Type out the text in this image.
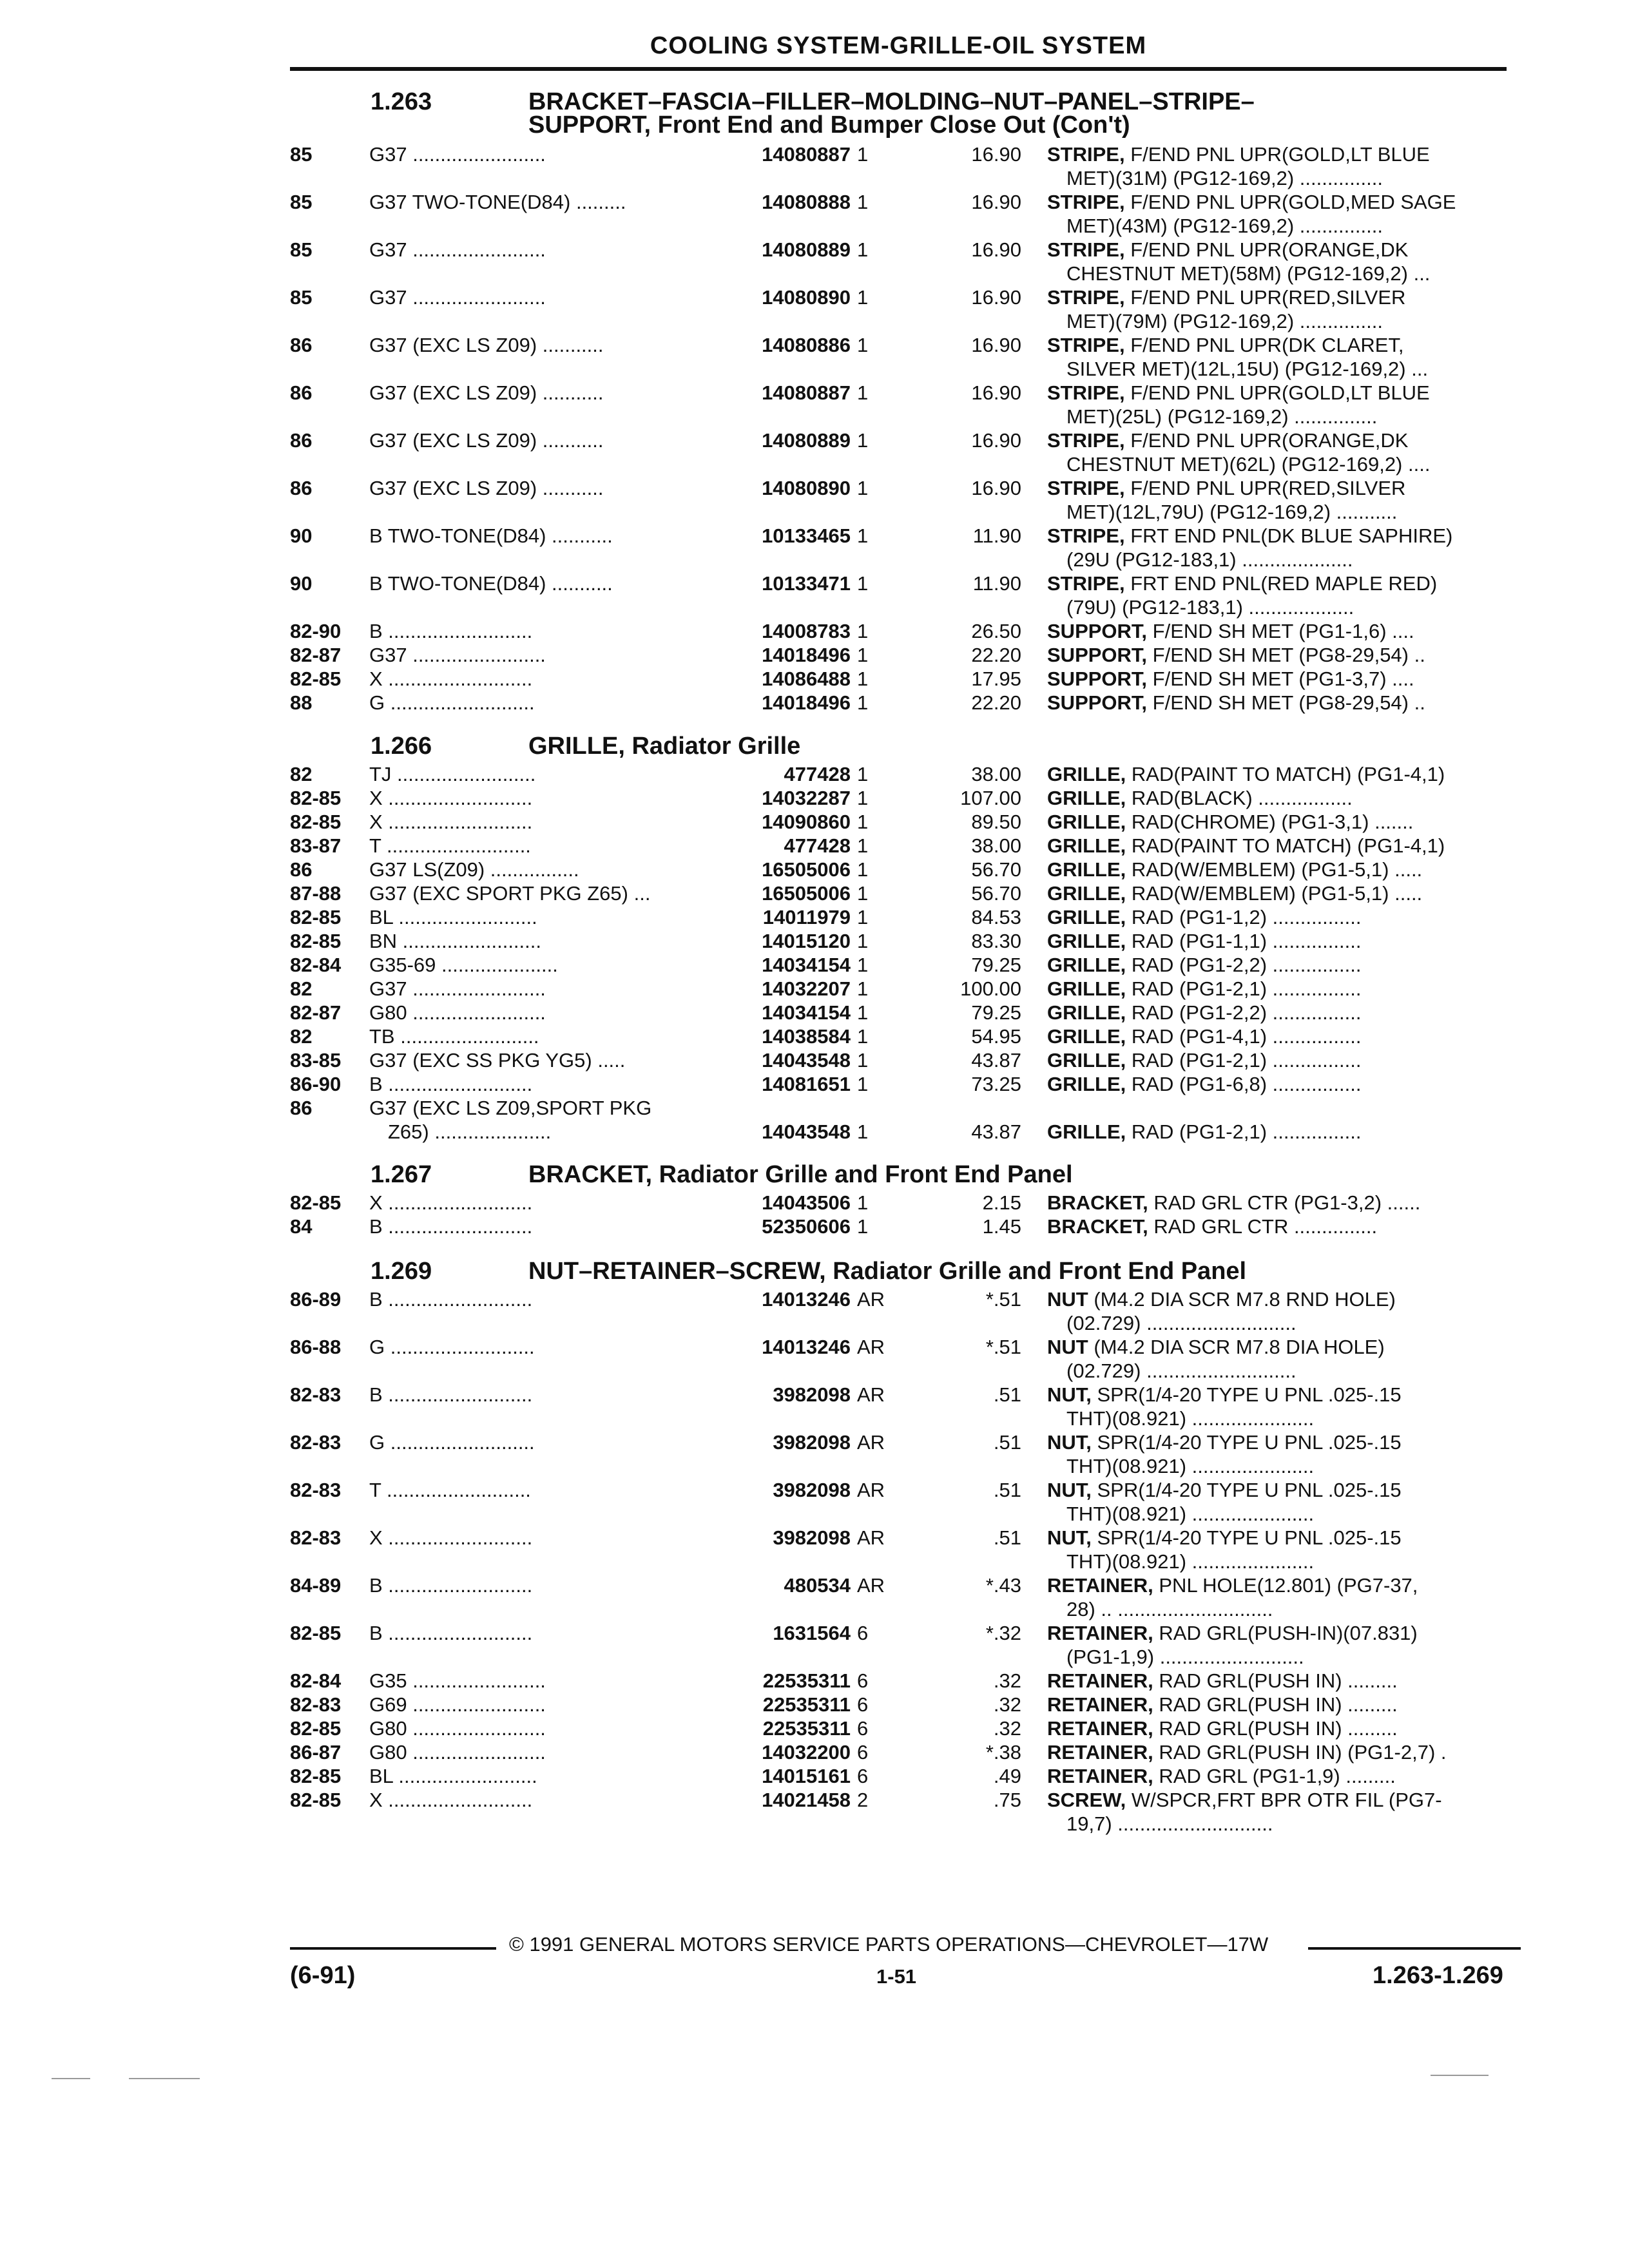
COOLING SYSTEM-GRILLE-OIL SYSTEM
1.263	BRACKET–FASCIA–FILLER–MOLDING–NUT–PANEL–STRIPE–
SUPPORT, Front End and Bumper Close Out (Con't)
85	G37 ........................	14080887 1	16.90 STRIPE, F/END PNL UPR(GOLD,LT BLUE
MET)(31M) (PG12-169,2) ...............
85	G37 TWO-TONE(D84) .........	14080888 1	16.90 STRIPE, F/END PNL UPR(GOLD,MED SAGE
MET)(43M) (PG12-169,2) ...............
85	G37 ........................	14080889 1	16.90 STRIPE, F/END PNL UPR(ORANGE,DK
CHESTNUT MET)(58M) (PG12-169,2) ...
85	G37 ........................	14080890 1	16.90 STRIPE, F/END PNL UPR(RED,SILVER
MET)(79M) (PG12-169,2) ...............
86	G37 (EXC LS Z09) ...........	14080886 1	16.90 STRIPE, F/END PNL UPR(DK CLARET,
SILVER MET)(12L,15U) (PG12-169,2) ...
86	G37 (EXC LS Z09) ...........	14080887 1	16.90 STRIPE, F/END PNL UPR(GOLD,LT BLUE
MET)(25L) (PG12-169,2) ...............
86	G37 (EXC LS Z09) ...........	14080889 1	16.90 STRIPE, F/END PNL UPR(ORANGE,DK
CHESTNUT MET)(62L) (PG12-169,2) ....
86	G37 (EXC LS Z09) ...........	14080890 1	16.90 STRIPE, F/END PNL UPR(RED,SILVER
MET)(12L,79U) (PG12-169,2) ...........
90	B TWO-TONE(D84) ...........	10133465 1	11.90 STRIPE, FRT END PNL(DK BLUE SAPHIRE)
(29U (PG12-183,1) ....................
90	B TWO-TONE(D84) ...........	10133471 1	11.90 STRIPE, FRT END PNL(RED MAPLE RED)
(79U) (PG12-183,1) ...................
82-90 B ..........................	14008783 1	26.50 SUPPORT, F/END SH MET (PG1-1,6) ....
82-87 G37 ........................	14018496 1	22.20 SUPPORT, F/END SH MET (PG8-29,54) ..
82-85 X ..........................	14086488 1	17.95 SUPPORT, F/END SH MET (PG1-3,7) ....
88	G ..........................	14018496 1	22.20 SUPPORT, F/END SH MET (PG8-29,54) ..
1.266	GRILLE, Radiator Grille
82	TJ .........................	477428 1	38.00 GRILLE, RAD(PAINT TO MATCH) (PG1-4,1)
82-85 X ..........................	14032287 1	107.00 GRILLE, RAD(BLACK) .................
82-85 X ..........................	14090860 1	89.50 GRILLE, RAD(CHROME) (PG1-3,1) .......
83-87 T ..........................	477428 1	38.00 GRILLE, RAD(PAINT TO MATCH) (PG1-4,1)
86	G37 LS(Z09) ................	16505006 1	56.70 GRILLE, RAD(W/EMBLEM) (PG1-5,1) .....
87-88 G37 (EXC SPORT PKG Z65) ...	16505006 1	56.70 GRILLE, RAD(W/EMBLEM) (PG1-5,1) .....
82-85 BL .........................	14011979 1	84.53 GRILLE, RAD (PG1-1,2) ................
82-85 BN .........................	14015120 1	83.30 GRILLE, RAD (PG1-1,1) ................
82-84 G35-69 .....................	14034154 1	79.25 GRILLE, RAD (PG1-2,2) ................
82	G37 ........................	14032207 1	100.00 GRILLE, RAD (PG1-2,1) ................
82-87 G80 ........................	14034154 1	79.25 GRILLE, RAD (PG1-2,2) ................
82	TB .........................	14038584 1	54.95 GRILLE, RAD (PG1-4,1) ................
83-85 G37 (EXC SS PKG YG5) .....	14043548 1	43.87 GRILLE, RAD (PG1-2,1) ................
86-90 B ..........................	14081651 1	73.25 GRILLE, RAD (PG1-6,8) ................
86	G37 (EXC LS Z09,SPORT PKG
Z65) .....................	14043548 1	43.87 GRILLE, RAD (PG1-2,1) ................
1.267	BRACKET, Radiator Grille and Front End Panel
82-85 X ..........................	14043506 1	2.15 BRACKET, RAD GRL CTR (PG1-3,2) ......
84	B ..........................	52350606 1	1.45 BRACKET, RAD GRL CTR ...............
1.269	NUT–RETAINER–SCREW, Radiator Grille and Front End Panel
86-89 B ..........................	14013246 AR	*.51 NUT (M4.2 DIA SCR M7.8 RND HOLE)
(02.729) ...........................
86-88 G ..........................	14013246 AR	*.51 NUT (M4.2 DIA SCR M7.8 DIA HOLE)
(02.729) ...........................
82-83 B ..........................	3982098 AR	.51 NUT, SPR(1/4-20 TYPE U PNL .025-.15
THT)(08.921) ......................
82-83 G ..........................	3982098 AR	.51 NUT, SPR(1/4-20 TYPE U PNL .025-.15
THT)(08.921) ......................
82-83 T ..........................	3982098 AR	.51 NUT, SPR(1/4-20 TYPE U PNL .025-.15
THT)(08.921) ......................
82-83 X ..........................	3982098 AR	.51 NUT, SPR(1/4-20 TYPE U PNL .025-.15
THT)(08.921) ......................
84-89 B ..........................	480534 AR	*.43 RETAINER, PNL HOLE(12.801) (PG7-37,
28) .. ............................
82-85 B ..........................	1631564 6	*.32 RETAINER, RAD GRL(PUSH-IN)(07.831)
(PG1-1,9) ..........................
82-84 G35 ........................	22535311 6	.32 RETAINER, RAD GRL(PUSH IN) .........
82-83 G69 ........................	22535311 6	.32 RETAINER, RAD GRL(PUSH IN) .........
82-85 G80 ........................	22535311 6	.32 RETAINER, RAD GRL(PUSH IN) .........
86-87 G80 ........................	14032200 6	*.38 RETAINER, RAD GRL(PUSH IN) (PG1-2,7) .
82-85 BL .........................	14015161 6	.49 RETAINER, RAD GRL (PG1-1,9) .........
82-85 X ..........................	14021458 2	.75 SCREW, W/SPCR,FRT BPR OTR FIL (PG7-
19,7) ............................
© 1991 GENERAL MOTORS SERVICE PARTS OPERATIONS—CHEVROLET—17W
(6-91)	1-51	1.263-1.269
